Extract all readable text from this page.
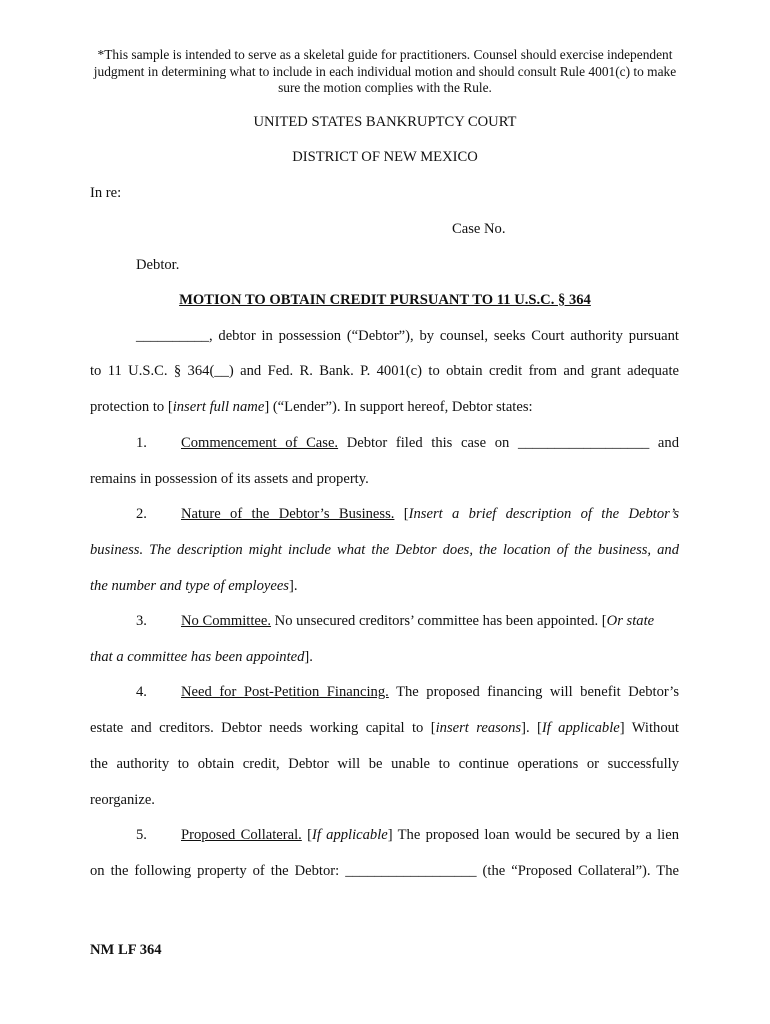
*This sample is intended to serve as a skeletal guide for practitioners. Counsel should exercise independent judgment in determining what to include in each individual motion and should consult Rule 4001(c) to make sure the motion complies with the Rule.
UNITED STATES BANKRUPTCY COURT
DISTRICT OF NEW MEXICO
In re:
Case No.
Debtor.
MOTION TO OBTAIN CREDIT PURSUANT TO 11 U.S.C. § 364
__________, debtor in possession (“Debtor”), by counsel, seeks Court authority pursuant
to 11 U.S.C. § 364(__) and Fed. R. Bank. P. 4001(c) to obtain credit from and grant adequate
protection to [insert full name] (“Lender”). In support hereof, Debtor states:
1. Commencement of Case. Debtor filed this case on __________________ and
remains in possession of its assets and property.
2. Nature of the Debtor’s Business. [Insert a brief description of the Debtor’s
business. The description might include what the Debtor does, the location of the business, and
the number and type of employees].
3. No Committee. No unsecured creditors’ committee has been appointed. [Or state
that a committee has been appointed].
4. Need for Post-Petition Financing. The proposed financing will benefit Debtor’s
estate and creditors. Debtor needs working capital to [insert reasons]. [If applicable] Without
the authority to obtain credit, Debtor will be unable to continue operations or successfully
reorganize.
5. Proposed Collateral. [If applicable] The proposed loan would be secured by a lien
on the following property of the Debtor: __________________ (the “Proposed Collateral”). The
NM LF 364
